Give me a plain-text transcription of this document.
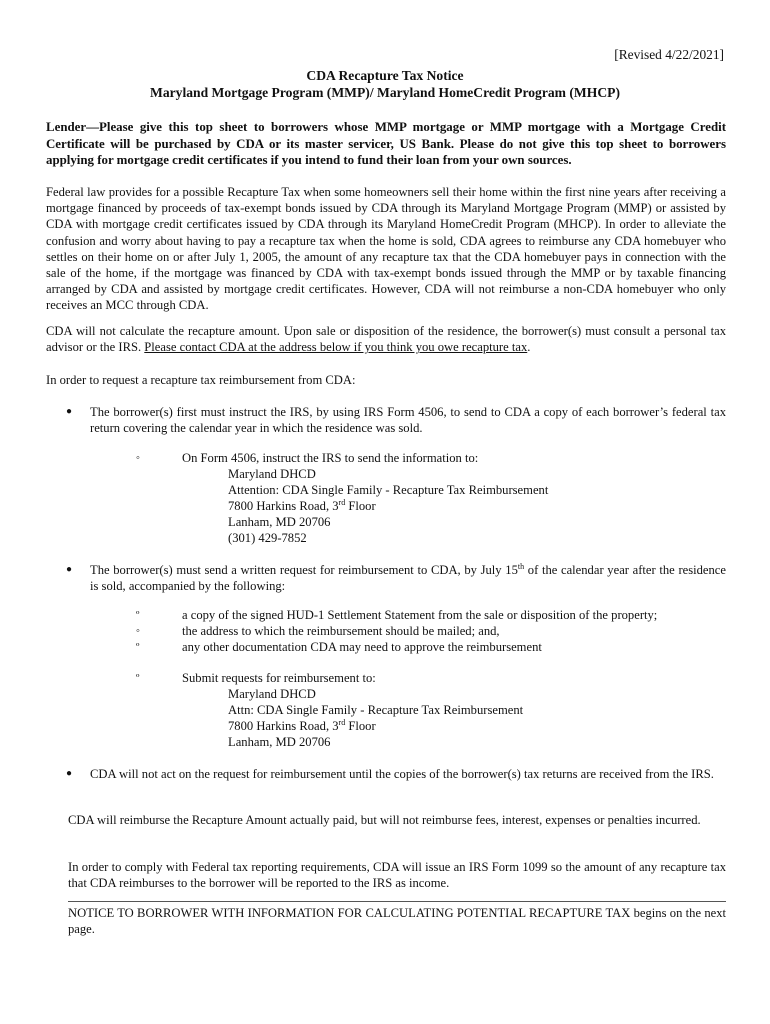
[Revised 4/22/2021]
CDA Recapture Tax Notice
Maryland Mortgage Program (MMP)/ Maryland HomeCredit Program (MHCP)
Lender—Please give this top sheet to borrowers whose MMP mortgage or MMP mortgage with a Mortgage Credit Certificate will be purchased by CDA or its master servicer, US Bank. Please do not give this top sheet to borrowers applying for mortgage credit certificates if you intend to fund their loan from your own sources.
Federal law provides for a possible Recapture Tax when some homeowners sell their home within the first nine years after receiving a mortgage financed by proceeds of tax-exempt bonds issued by CDA through its Maryland Mortgage Program (MMP) or assisted by CDA with mortgage credit certificates issued by CDA through its Maryland HomeCredit Program (MHCP). In order to alleviate the confusion and worry about having to pay a recapture tax when the home is sold, CDA agrees to reimburse any CDA homebuyer who settles on their home on or after July 1, 2005, the amount of any recapture tax that the CDA homebuyer pays in connection with the sale of the home, if the mortgage was financed by CDA with tax-exempt bonds issued through the MMP or by taxable financing arranged by CDA and assisted by mortgage credit certificates. However, CDA will not reimburse a non-CDA homebuyer who only receives an MCC through CDA.
CDA will not calculate the recapture amount. Upon sale or disposition of the residence, the borrower(s) must consult a personal tax advisor or the IRS. Please contact CDA at the address below if you think you owe recapture tax.
In order to request a recapture tax reimbursement from CDA:
● The borrower(s) first must instruct the IRS, by using IRS Form 4506, to send to CDA a copy of each borrower’s federal tax return covering the calendar year in which the residence was sold.
◦	On Form 4506, instruct the IRS to send the information to:
Maryland DHCD
Attention: CDA Single Family - Recapture Tax Reimbursement
7800 Harkins Road, 3rd Floor
Lanham, MD 20706
(301) 429-7852
● The borrower(s) must send a written request for reimbursement to CDA, by July 15th of the calendar year after the residence is sold, accompanied by the following:
º	a copy of the signed HUD-1 Settlement Statement from the sale or disposition of the property;
◦	the address to which the reimbursement should be mailed; and,
º	any other documentation CDA may need to approve the reimbursement
º	Submit requests for reimbursement to:
Maryland DHCD
Attn: CDA Single Family - Recapture Tax Reimbursement
7800 Harkins Road, 3rd Floor
Lanham, MD 20706
● CDA will not act on the request for reimbursement until the copies of the borrower(s) tax returns are received from the IRS.
CDA will reimburse the Recapture Amount actually paid, but will not reimburse fees, interest, expenses or penalties incurred.
In order to comply with Federal tax reporting requirements, CDA will issue an IRS Form 1099 so the amount of any recapture tax that CDA reimburses to the borrower will be reported to the IRS as income.
NOTICE TO BORROWER WITH INFORMATION FOR CALCULATING POTENTIAL RECAPTURE TAX begins on the next page.
